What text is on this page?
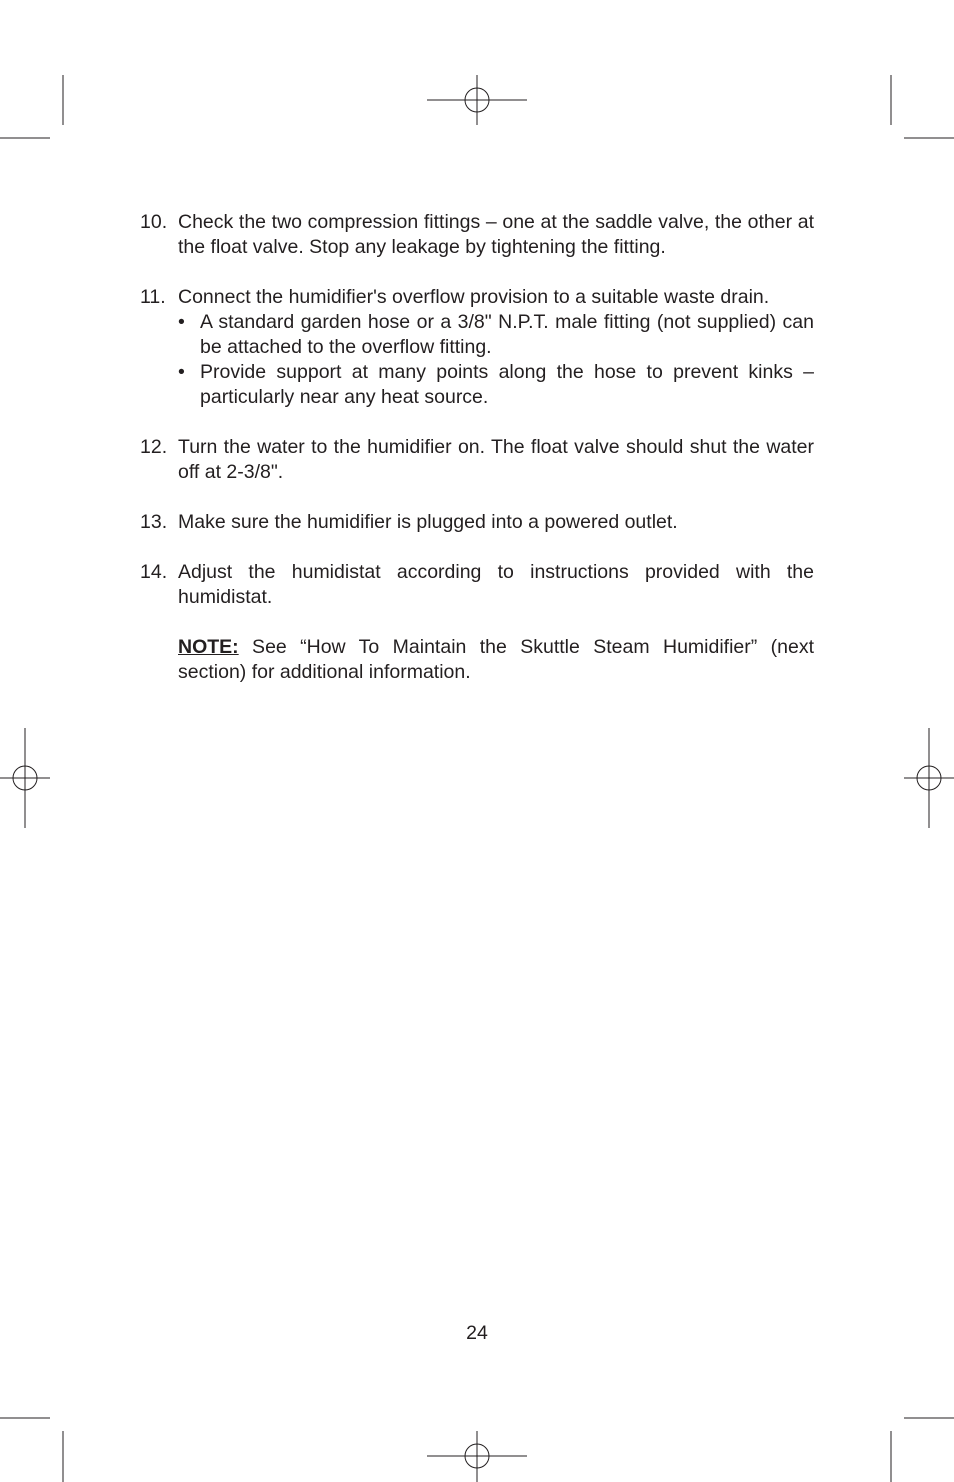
10. Check the two compression fittings – one at the saddle valve, the other at the float valve. Stop any leakage by tightening the fitting.
11. Connect the humidifier's overflow provision to a suitable waste drain.
• A standard garden hose or a 3/8" N.P.T. male fitting (not supplied) can be attached to the overflow fitting.
• Provide support at many points along the hose to prevent kinks – particularly near any heat source.
12. Turn the water to the humidifier on. The float valve should shut the water off at 2-3/8".
13. Make sure the humidifier is plugged into a powered outlet.
14. Adjust the humidistat according to instructions provided with the humidistat.

NOTE: See “How To Maintain the Skuttle Steam Humidifier” (next section) for additional information.

24
